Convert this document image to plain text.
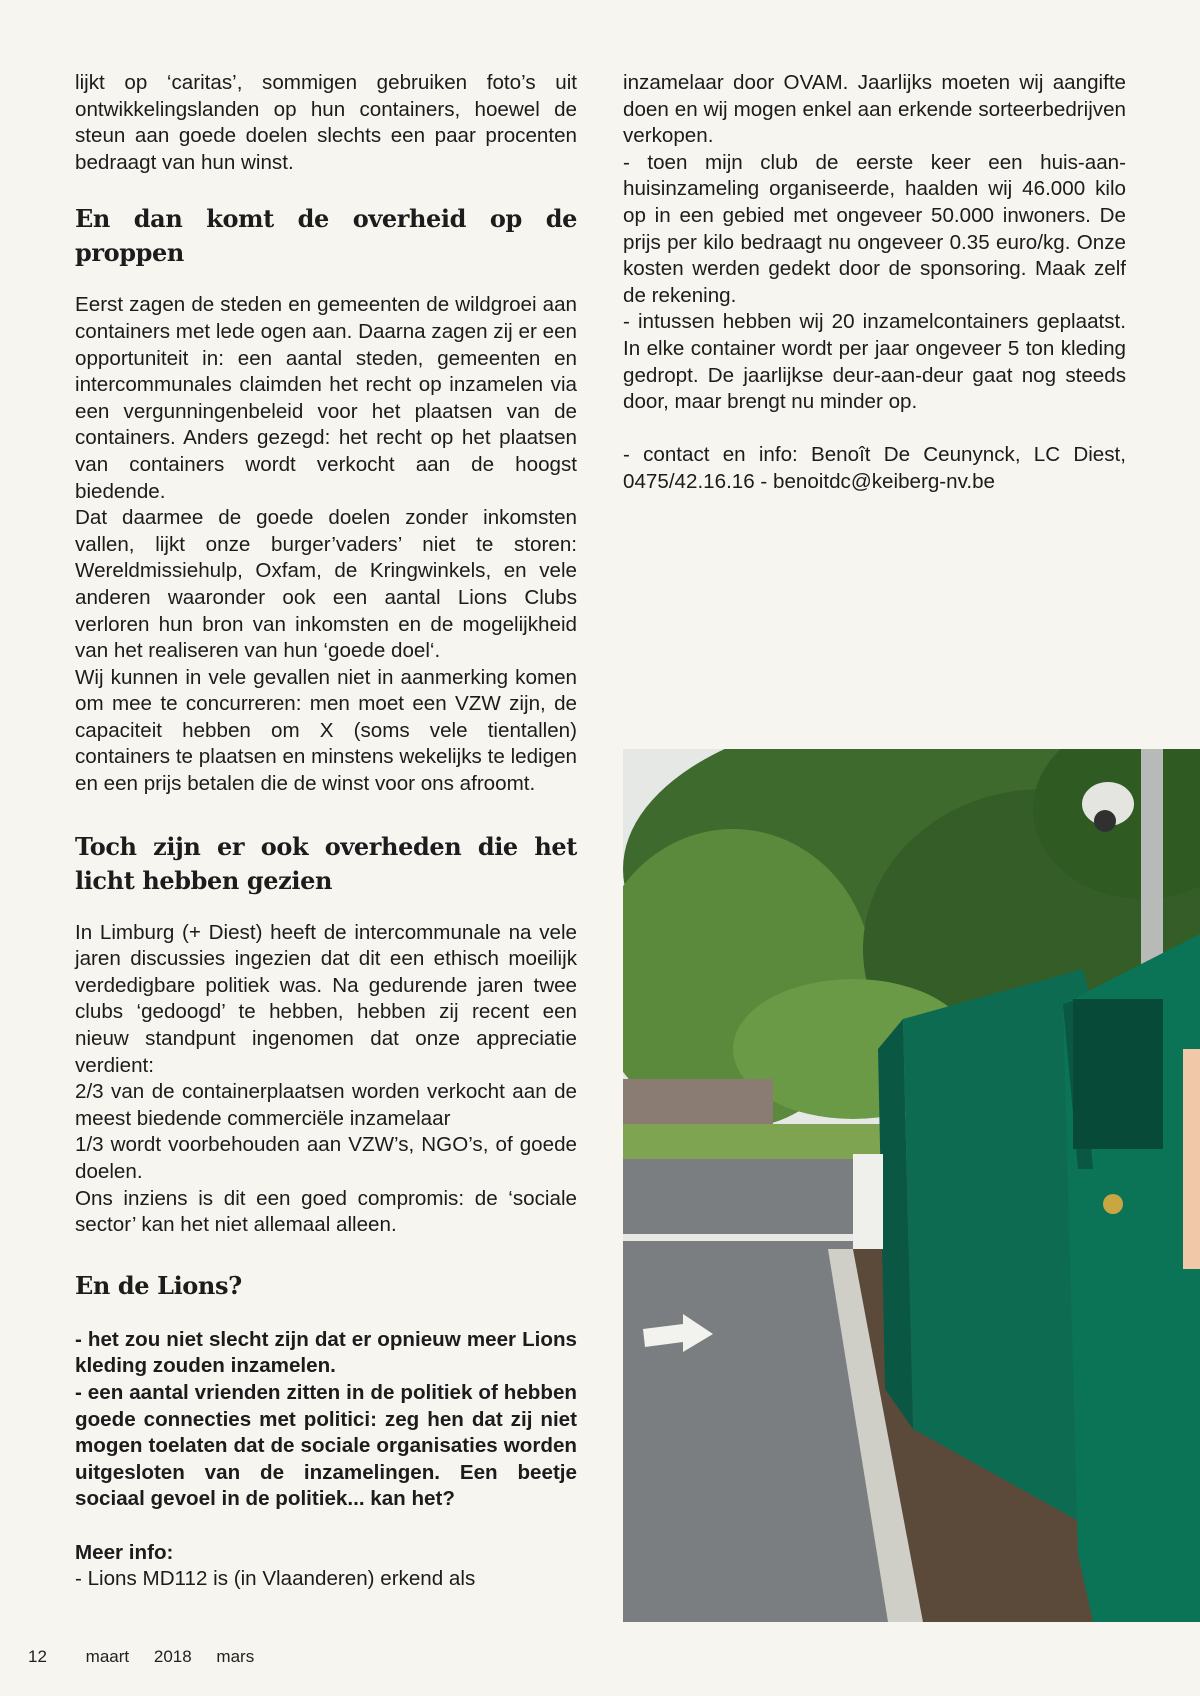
lijkt op ‘caritas’, sommigen gebruiken foto’s uit ontwikkelingslanden op hun containers, hoewel de steun aan goede doelen slechts een paar procenten bedraagt van hun winst.

En dan komt de overheid op de proppen

Eerst zagen de steden en gemeenten de wildgroei aan containers met lede ogen aan. Daarna zagen zij er een opportuniteit in: een aantal steden, gemeenten en intercommunales claimden het recht op inzamelen via een vergunningenbeleid voor het plaatsen van de containers. Anders gezegd: het recht op het plaatsen van containers wordt verkocht aan de hoogst biedende.

Dat daarmee de goede doelen zonder inkomsten vallen, lijkt onze burger’vaders’ niet te storen: Wereldmissiehulp, Oxfam, de Kringwinkels, en vele anderen waaronder ook een aantal Lions Clubs verloren hun bron van inkomsten en de mogelijkheid van het realiseren van hun ‘goede doel‘.

Wij kunnen in vele gevallen niet in aanmerking komen om mee te concurreren: men moet een VZW zijn, de capaciteit hebben om X (soms vele tientallen) containers te plaatsen en minstens wekelijks te ledigen en een prijs betalen die de winst voor ons afroomt.

Toch zijn er ook overheden die het licht hebben gezien

In Limburg (+ Diest) heeft de intercommunale na vele jaren discussies ingezien dat dit een ethisch moeilijk verdedigbare politiek was. Na gedurende jaren twee clubs ‘gedoogd’ te hebben, hebben zij recent een nieuw standpunt ingenomen dat onze appreciatie verdient:

2/3 van de containerplaatsen worden verkocht aan de meest biedende commerciële inzamelaar

1/3 wordt voorbehouden aan VZW’s, NGO’s, of goede doelen.

Ons inziens is dit een goed compromis: de ‘sociale sector’ kan het niet allemaal alleen.

En de Lions?

- het zou niet slecht zijn dat er opnieuw meer Lions kleding zouden inzamelen.

- een aantal vrienden zitten in de politiek of hebben goede connecties met politici: zeg hen dat zij niet mogen toelaten dat de sociale organisaties worden uitgesloten van de inzamelingen. Een beetje sociaal gevoel in de politiek... kan het?

Meer info:

- Lions MD112 is (in Vlaanderen) erkend als

inzamelaar door OVAM. Jaarlijks moeten wij aangifte doen en wij mogen enkel aan erkende sorteerbedrijven verkopen.

- toen mijn club de eerste keer een huis-aan-huisinzameling organiseerde, haalden wij 46.000 kilo op in een gebied met ongeveer 50.000 inwoners. De prijs per kilo bedraagt nu ongeveer 0.35 euro/kg. Onze kosten werden gedekt door de sponsoring. Maak zelf de rekening.

- intussen hebben wij 20 inzamelcontainers geplaatst. In elke container wordt per jaar ongeveer 5 ton kleding gedropt. De jaarlijkse deur-aan-deur gaat nog steeds door, maar brengt nu minder op.

- contact en info: Benoît De Ceunynck, LC Diest, 0475/42.16.16 - benoitdc@keiberg-nv.be

12 maart 2018 mars
